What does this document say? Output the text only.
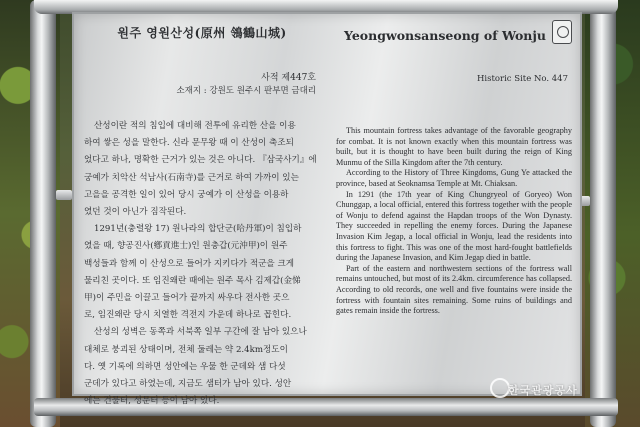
원주 영원산성(原州 鴒鶴山城)
사적 제447호
소재지 : 강원도 원주시 판부면 금대리

산성이란 적의 침입에 대비해 전투에 유리한 산을 이용
하여 쌓은 성을 말한다. 신라 문무왕 때 이 산성이 축조되
었다고 하나, 명확한 근거가 있는 것은 아니다. 『삼국사기』에
궁예가 치악산 석남사(石南寺)를 근거로 하여 가까이 있는
고을을 공격한 일이 있어 당시 궁예가 이 산성을 이용하
였던 것이 아닌가 짐작된다.

1291년(충렬왕 17) 원나라의 합단군(哈丹軍)이 침입하
였을 때, 향공진사(鄕貢進士)인 원충갑(元沖甲)이 원주
백성들과 함께 이 산성으로 들어가 지키다가 적군을 크게
물리친 곳이다. 또 임진왜란 때에는 원주 목사 김제갑(金悌
甲)이 주민을 이끌고 들어가 끝까지 싸우다 전사한 곳으
로, 임진왜란 당시 치열한 격전지 가운데 하나로 꼽힌다.

산성의 성벽은 동쪽과 서북쪽 일부 구간에 잘 남아 있으나
대체로 붕괴된 상태이며, 전체 둘레는 약 2.4km정도이
다. 옛 기록에 의하면 성안에는 우물 한 군데와 샘 다섯
군데가 있다고 하였는데, 지금도 샘터가 남아 있다. 성안
에는 건물터, 성문터 등이 남아 있다.

Yeongwonsanseong of Wonju
Historic Site No. 447

This mountain fortress takes advantage of the favorable geography for combat. It is not known exactly when this mountain fortress was built, but it is thought to have been built during the reign of King Munmu of the Silla Kingdom after the 7th century.

According to the History of Three Kingdoms, Gung Ye attacked the province, based at Seoknamsa Temple at Mt. Chiaksan.

In 1291 (the 17th year of King Chungryeol of Goryeo) Won Chunggap, a local official, entered this fortress together with the people of Wonju to defend against the Hapdan troops of the Won Dynasty. They succeeded in repelling the enemy forces. During the Japanese Invasion Kim Jegap, a local official in Wonju, lead the residents into this fortress to fight. This was one of the most hard-fought battlefields during the Japanese Invasion, and Kim Jegap died in battle.

Part of the eastern and northwestern sections of the fortress wall remains untouched, but most of its 2.4km. circumference has collapsed. According to old records, one well and five fountains were inside the fortress with fountain sites remaining. Some ruins of buildings and gates remain inside the fortress.

한국관광공사
